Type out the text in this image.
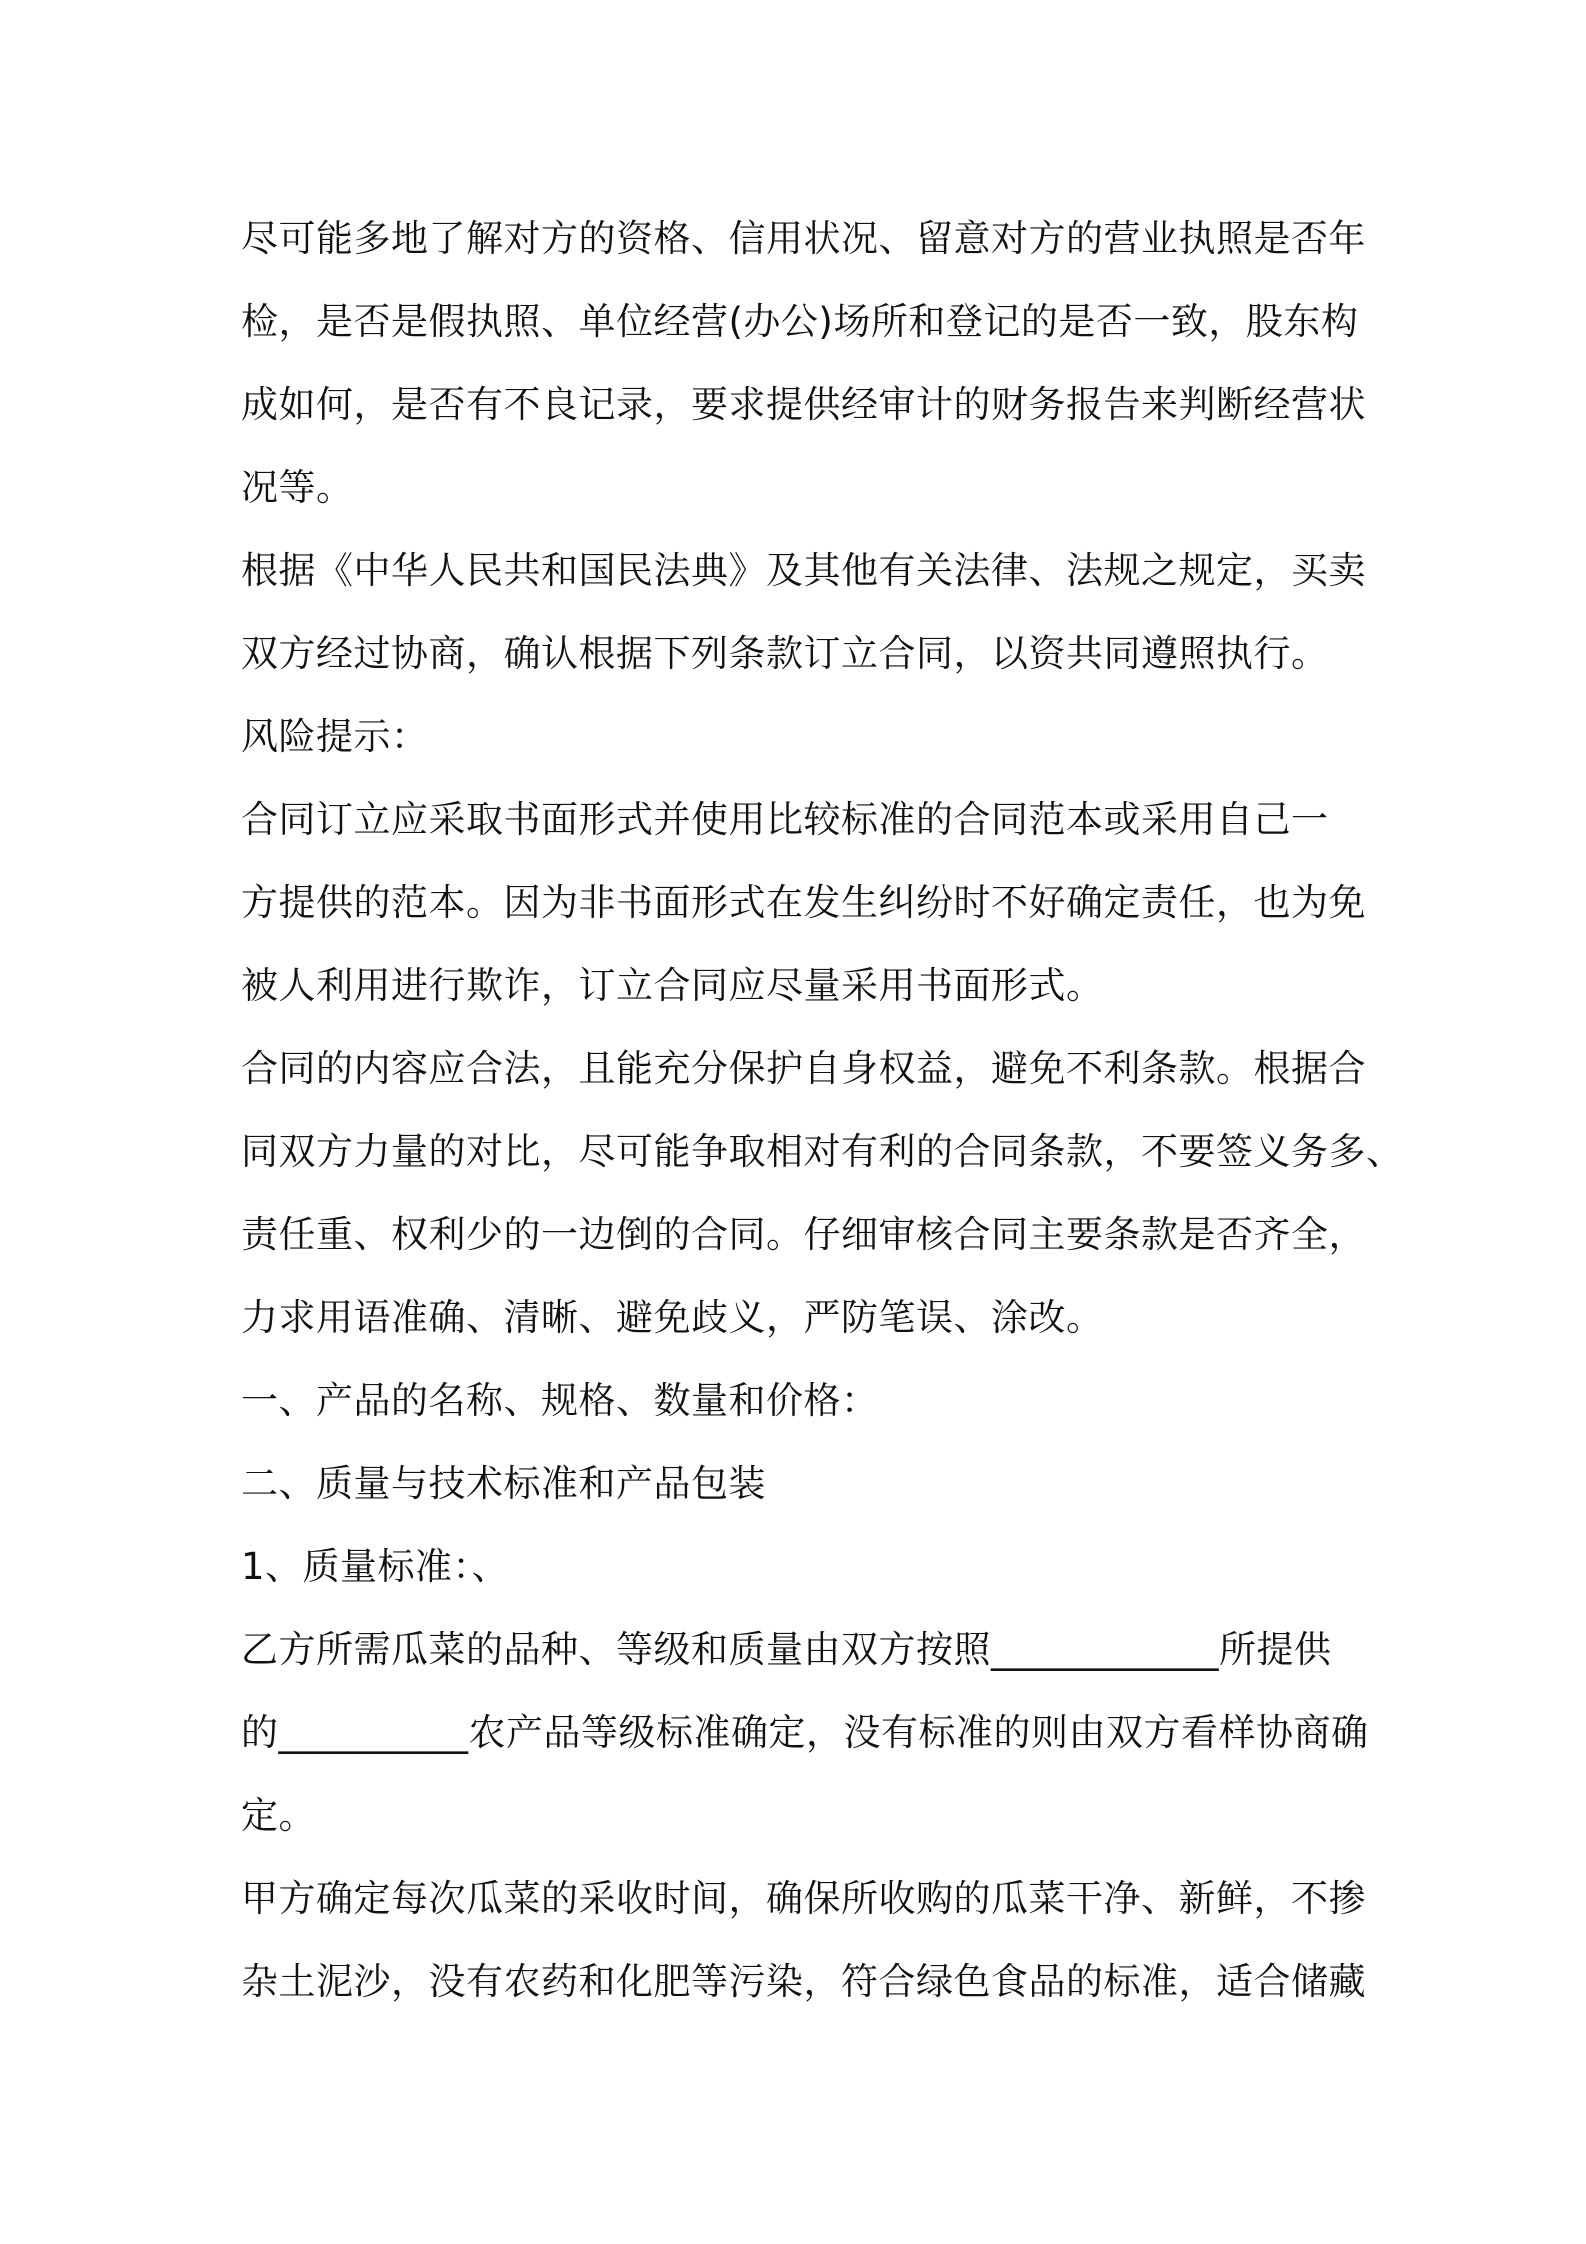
尽可能多地了解对方的资格、信用状况、留意对方的营业执照是否年
检，是否是假执照、单位经营(办公)场所和登记的是否一致，股东构
成如何，是否有不良记录，要求提供经审计的财务报告来判断经营状
况等。

根据《中华人民共和国民法典》及其他有关法律、法规之规定，买卖
双方经过协商，确认根据下列条款订立合同，以资共同遵照执行。

风险提示：

合同订立应采取书面形式并使用比较标准的合同范本或采用自己一
方提供的范本。因为非书面形式在发生纠纷时不好确定责任，也为免
被人利用进行欺诈，订立合同应尽量采用书面形式。

合同的内容应合法，且能充分保护自身权益，避免不利条款。根据合
同双方力量的对比，尽可能争取相对有利的合同条款，不要签义务多、
责任重、权利少的一边倒的合同。仔细审核合同主要条款是否齐全，
力求用语准确、清晰、避免歧义，严防笔误、涂改。

一、产品的名称、规格、数量和价格：

二、质量与技术标准和产品包装

1、质量标准：、

乙方所需瓜菜的品种、等级和质量由双方按照____________所提供
的__________农产品等级标准确定，没有标准的则由双方看样协商确
定。

甲方确定每次瓜菜的采收时间，确保所收购的瓜菜干净、新鲜，不掺
杂土泥沙，没有农药和化肥等污染，符合绿色食品的标准，适合储藏
